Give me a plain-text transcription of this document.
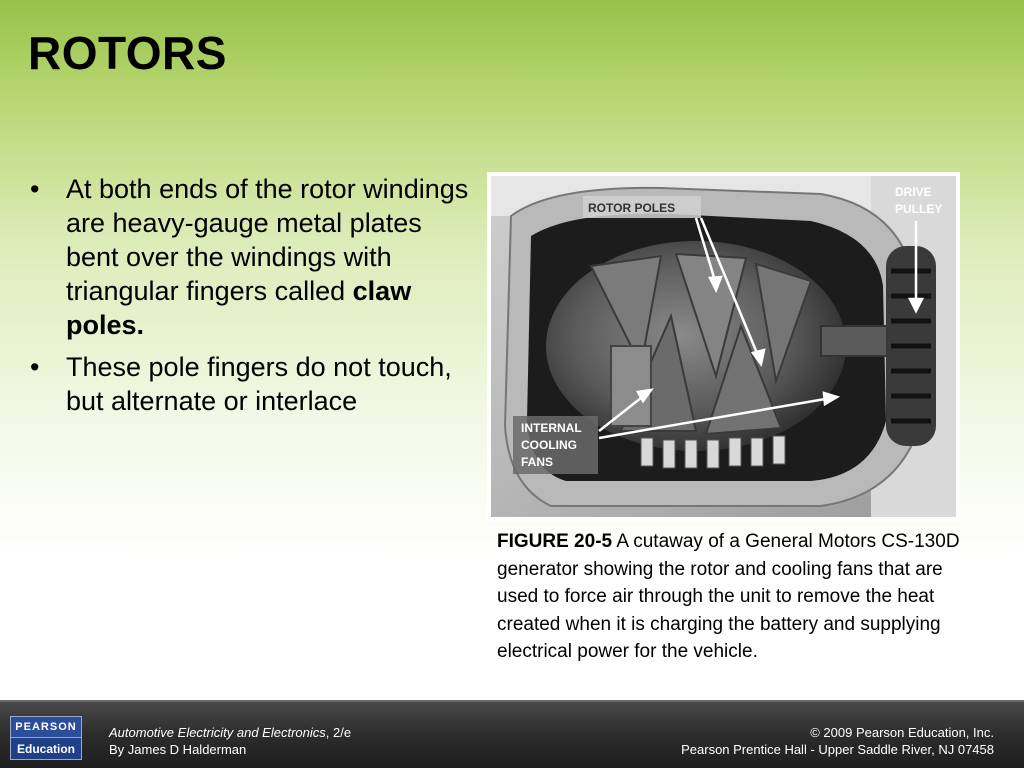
ROTORS
• At both ends of the rotor windings are heavy-gauge metal plates bent over the windings with triangular fingers called claw poles.
• These pole fingers do not touch, but alternate or interlace
ROTOR POLES
DRIVE
PULLEY
INTERNAL
COOLING
FANS
FIGURE 20-5 A cutaway of a General Motors CS-130D generator showing the rotor and cooling fans that are used to force air through the unit to remove the heat created when it is charging the battery and supplying electrical power for the vehicle.
PEARSON
Education
Automotive Electricity and Electronics, 2/e
By James D Halderman
© 2009 Pearson Education, Inc.
Pearson Prentice Hall - Upper Saddle River, NJ 07458
